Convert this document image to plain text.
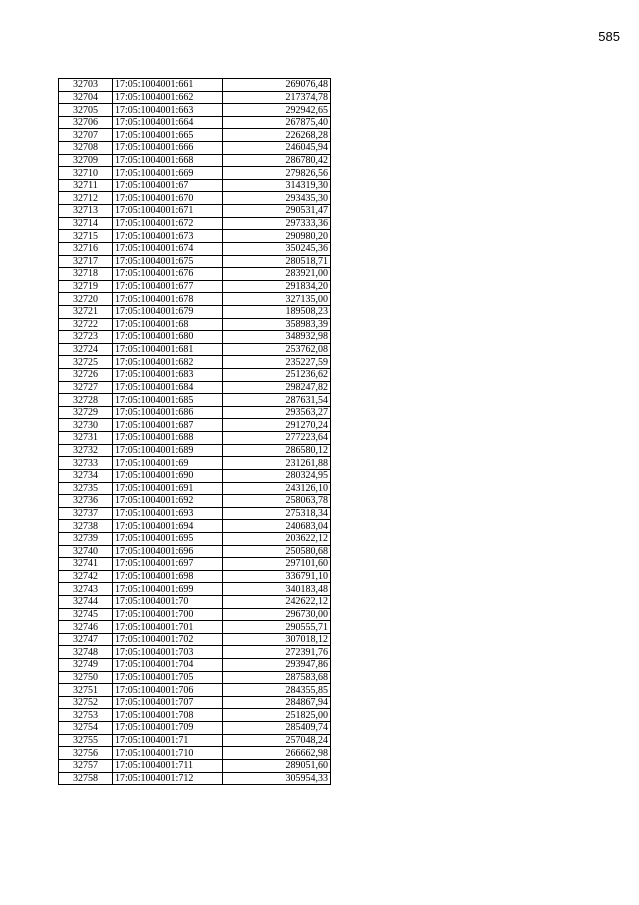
585
32703	17:05:1004001:661	269076,48
32704	17:05:1004001:662	217374,78
32705	17:05:1004001:663	292942,65
32706	17:05:1004001:664	267875,40
32707	17:05:1004001:665	226268,28
32708	17:05:1004001:666	246045,94
32709	17:05:1004001:668	286780,42
32710	17:05:1004001:669	279826,56
32711	17:05:1004001:67	314319,30
32712	17:05:1004001:670	293435,30
32713	17:05:1004001:671	290531,47
32714	17:05:1004001:672	297333,36
32715	17:05:1004001:673	290980,20
32716	17:05:1004001:674	350245,36
32717	17:05:1004001:675	280518,71
32718	17:05:1004001:676	283921,00
32719	17:05:1004001:677	291834,20
32720	17:05:1004001:678	327135,00
32721	17:05:1004001:679	189508,23
32722	17:05:1004001:68	358983,39
32723	17:05:1004001:680	348932,98
32724	17:05:1004001:681	253762,08
32725	17:05:1004001:682	235227,59
32726	17:05:1004001:683	251236,62
32727	17:05:1004001:684	298247,82
32728	17:05:1004001:685	287631,54
32729	17:05:1004001:686	293563,27
32730	17:05:1004001:687	291270,24
32731	17:05:1004001:688	277223,64
32732	17:05:1004001:689	286580,12
32733	17:05:1004001:69	231261,88
32734	17:05:1004001:690	280324,95
32735	17:05:1004001:691	243126,10
32736	17:05:1004001:692	258063,78
32737	17:05:1004001:693	275318,34
32738	17:05:1004001:694	240683,04
32739	17:05:1004001:695	203622,12
32740	17:05:1004001:696	250580,68
32741	17:05:1004001:697	297101,60
32742	17:05:1004001:698	336791,10
32743	17:05:1004001:699	340183,48
32744	17:05:1004001:70	242622,12
32745	17:05:1004001:700	296730,00
32746	17:05:1004001:701	290555,71
32747	17:05:1004001:702	307018,12
32748	17:05:1004001:703	272391,76
32749	17:05:1004001:704	293947,86
32750	17:05:1004001:705	287583,68
32751	17:05:1004001:706	284355,85
32752	17:05:1004001:707	284867,94
32753	17:05:1004001:708	251825,00
32754	17:05:1004001:709	285409,74
32755	17:05:1004001:71	257048,24
32756	17:05:1004001:710	266662,98
32757	17:05:1004001:711	289051,60
32758	17:05:1004001:712	305954,33
